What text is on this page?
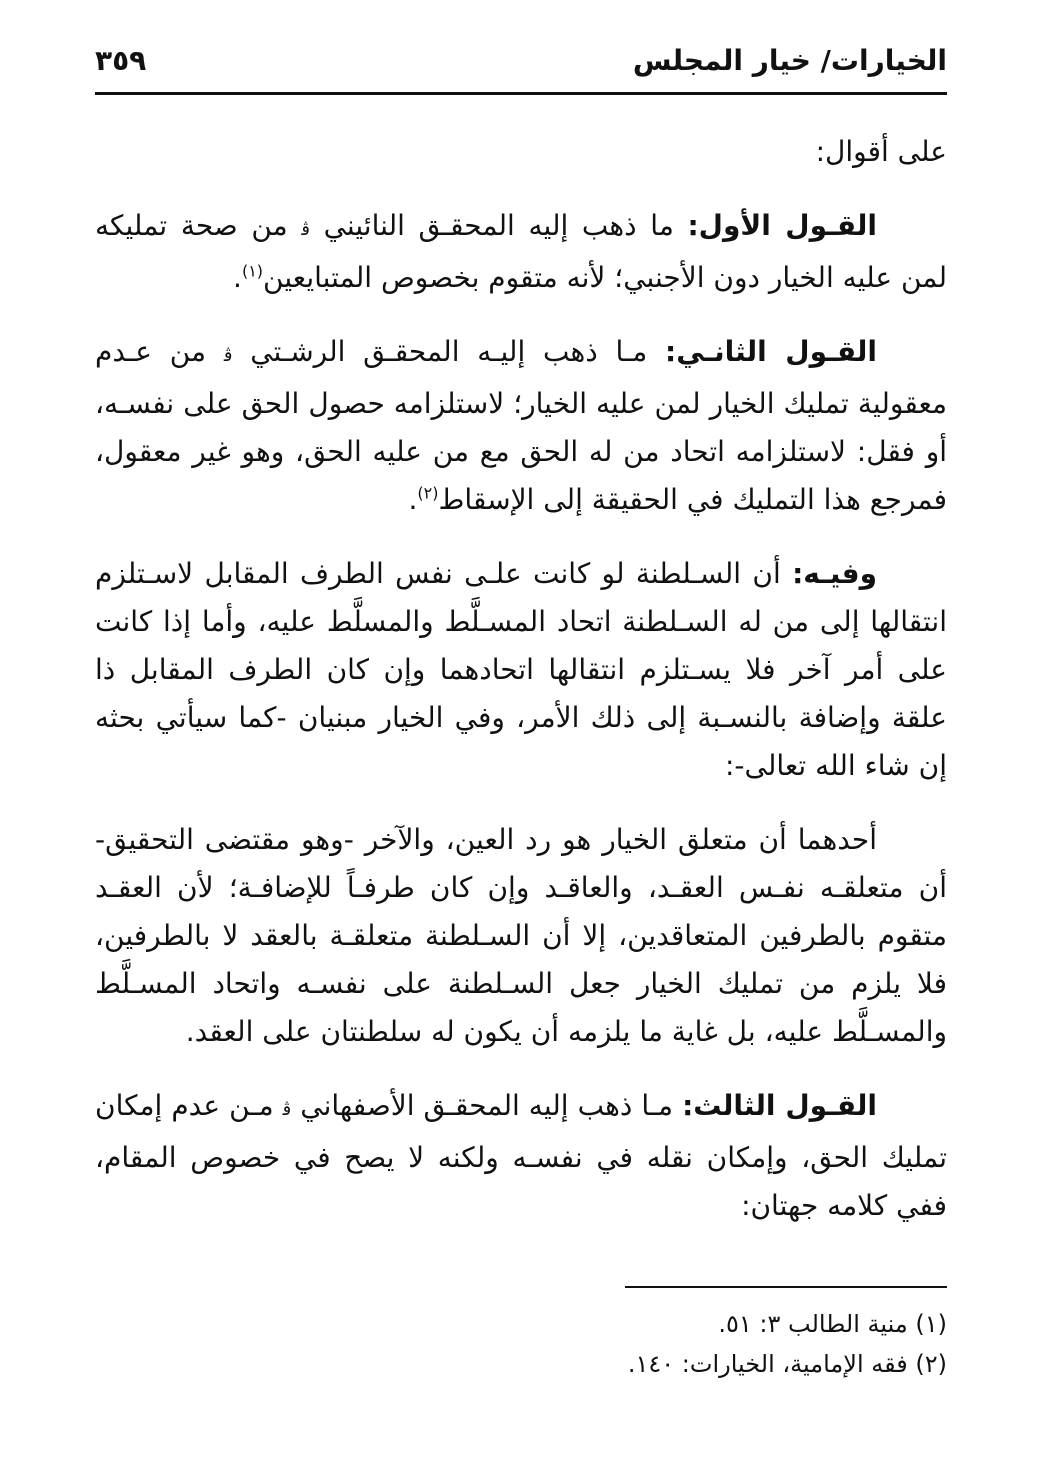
الخيارات/ خيار المجلس
٣٥٩

على أقوال:

القـول الأول: ما ذهب إليه المحقـق النائيني ﭬ من صحة تمليكه لمن عليه الخيار دون الأجنبي؛ لأنه متقوم بخصوص المتبايعين$^{(١)}$.

القـول الثانـي: مـا ذهب إليـه المحقـق الرشـتي ﭬ من عـدم معقولية تمليك الخيار لمن عليه الخيار؛ لاستلزامه حصول الحق على نفسـه، أو فقل: لاستلزامه اتحاد من له الحق مع من عليه الحق، وهو غير معقول، فمرجع هذا التمليك في الحقيقة إلى الإسقاط$^{(٢)}$.

وفيـه: أن السـلطنة لو كانت علـى نفس الطرف المقابل لاسـتلزم انتقالها إلى من له السـلطنة اتحاد المسـلَّط والمسلَّط عليه، وأما إذا كانت على أمر آخر فلا يسـتلزم انتقالها اتحادهما وإن كان الطرف المقابل ذا علقة وإضافة بالنسـبة إلى ذلك الأمر، وفي الخيار مبنيان -كما سيأتي بحثه إن شاء الله تعالى-:

أحدهما أن متعلق الخيار هو رد العين، والآخر -وهو مقتضى التحقيق- أن متعلقـه نفـس العقـد، والعاقـد وإن كان طرفـاً للإضافـة؛ لأن العقـد متقوم بالطرفين المتعاقدين، إلا أن السـلطنة متعلقـة بالعقد لا بالطرفين، فلا يلزم من تمليك الخيار جعل السـلطنة على نفسـه واتحاد المسـلَّط والمسـلَّط عليه، بل غاية ما يلزمه أن يكون له سلطنتان على العقد.

القـول الثالث: مـا ذهب إليه المحقـق الأصفهاني ﭬ مـن عدم إمكان تمليك الحق، وإمكان نقله في نفسـه ولكنه لا يصح في خصوص المقام، ففي كلامه جهتان:

(١) منية الطالب ٣: ٥١.

(٢) فقه الإمامية، الخيارات: ١٤٠.
